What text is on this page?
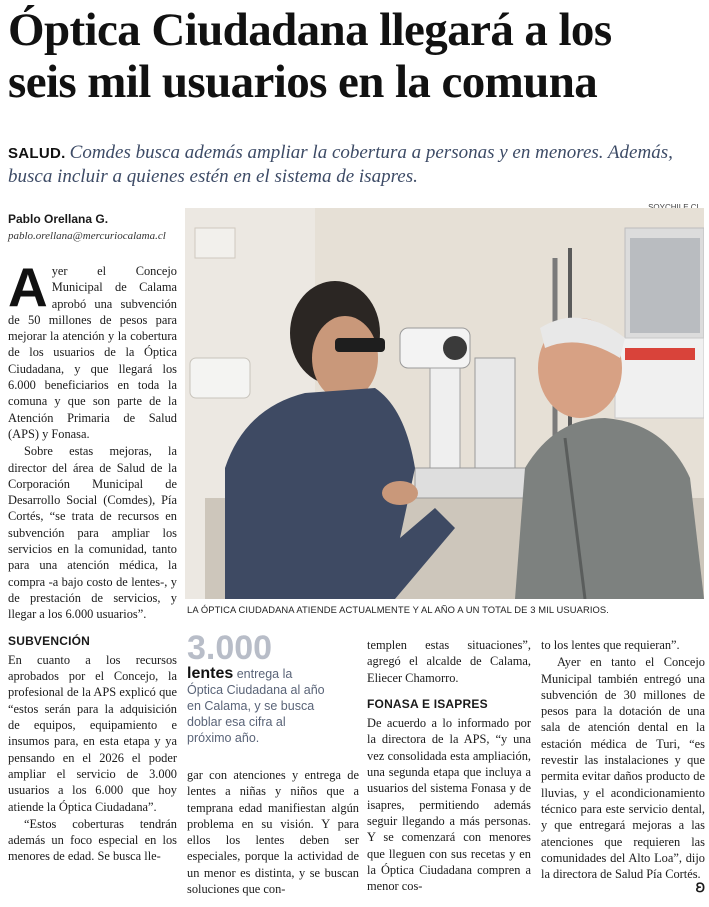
Óptica Ciudadana llegará a los
seis mil usuarios en la comuna
SALUD. Comdes busca además ampliar la cobertura a personas y en menores. Además, busca incluir a quienes estén en el sistema de isapres.
Pablo Orellana G.
pablo.orellana@mercuriocalama.cl

Ayer el Concejo Municipal de Calama aprobó una subvención de 50 millones de pesos para mejorar la atención y la cobertura de los usuarios de la Óptica Ciudadana, y que llegará los 6.000 beneficiarios en toda la comuna y que son parte de la Atención Primaria de Salud (APS) y Fonasa.

Sobre estas mejoras, la director del área de Salud de la Corporación Municipal de Desarrollo Social (Comdes), Pía Cortés, “se trata de recursos en subvención para ampliar los servicios en la comunidad, tanto para una atención médica, la compra -a bajo costo de lentes-, y de prestación de servicios, y llegar a los 6.000 usuarios”.

SUBVENCIÓN

En cuanto a los recursos aprobados por el Concejo, la profesional de la APS explicó que “estos serán para la adquisición de equipos, equipamiento e insumos para, en esta etapa y ya pensando en el 2026 el poder ampliar el servicio de 3.000 usuarios a los 6.000 que hoy atiende la Óptica Ciudadana”.

“Estos coberturas tendrán además un foco especial en los menores de edad. Se busca lle-

LA ÓPTICA CIUDADANA ATIENDE ACTUALMENTE Y AL AÑO A UN TOTAL DE 3 MIL USUARIOS.
3.000
lentes entrega la Óptica Ciudadana al año en Calama, y se busca doblar esa cifra al próximo año.

gar con atenciones y entrega de lentes a niñas y niños que a temprana edad manifiestan algún problema en su visión. Y para ellos los lentes deben ser especiales, porque la actividad de un menor es distinta, y se buscan soluciones que con-

templen estas situaciones”, agregó el alcalde de Calama, Eliecer Chamorro.

FONASA E ISAPRES

De acuerdo a lo informado por la directora de la APS, “y una vez consolidada esta ampliación, una segunda etapa que incluya a usuarios del sistema Fonasa y de isapres, permitiendo además seguir llegando a más personas. Y se comenzará con menores que lleguen con sus recetas y en la Óptica Ciudadana compren a menor cos-

to los lentes que requieran”.

Ayer en tanto el Concejo Municipal también entregó una subvención de 30 millones de pesos para la dotación de una sala de atención dental en la estación médica de Turi, “es revestir las instalaciones y que permita evitar daños producto de lluvias, y el acondicionamiento técnico para este servicio dental, y que entregará mejoras a las atenciones que requieren las comunidades del Alto Loa”, dijo la directora de Salud Pía Cortés.

Ꞝ
